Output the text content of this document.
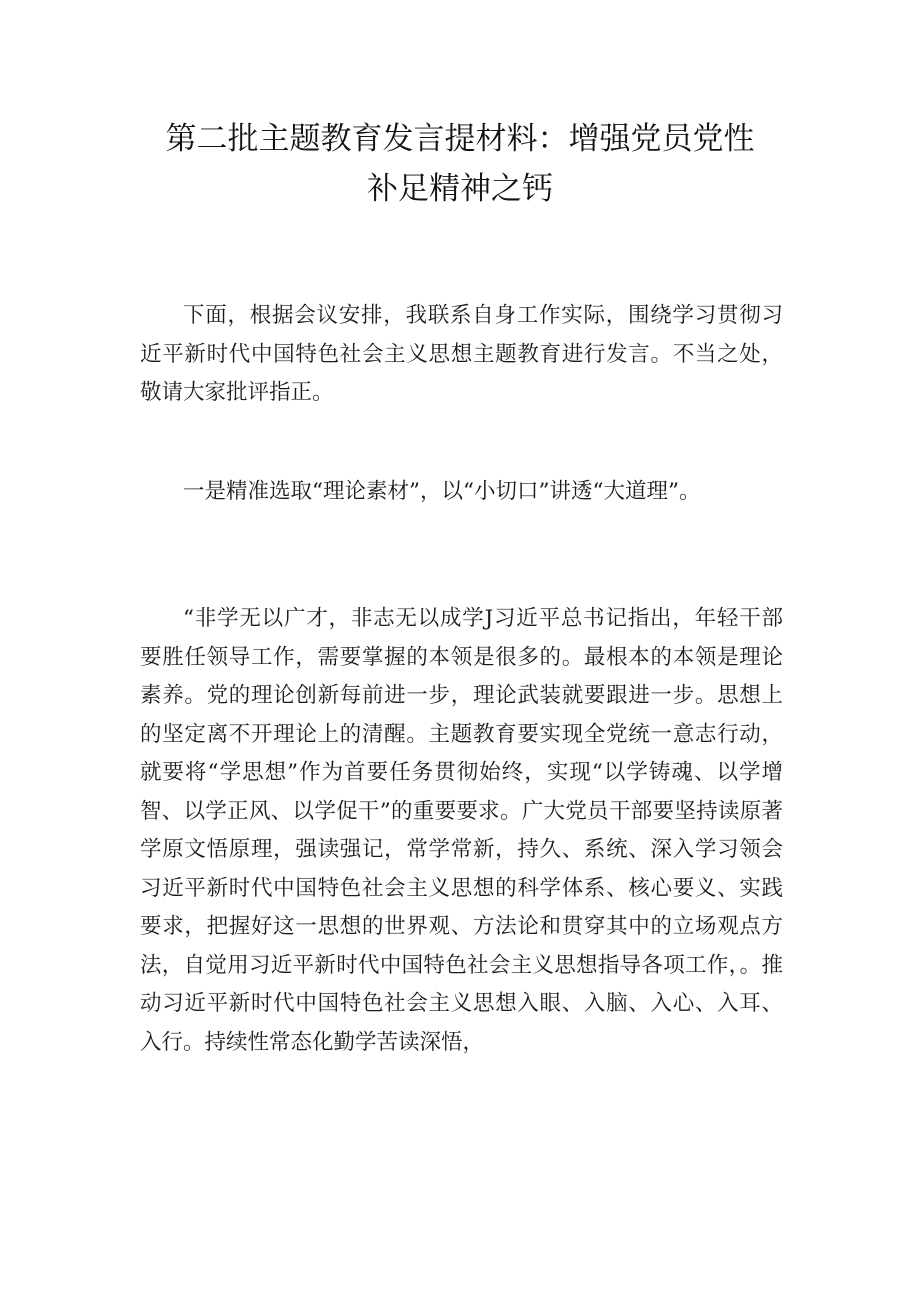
第二批主题教育发言提材料：增强党员党性
补足精神之钙

下面，根据会议安排，我联系自身工作实际，围绕学习贯彻习近平新时代中国特色社会主义思想主题教育进行发言。不当之处，敬请大家批评指正。

一是精准选取“理论素材”，以“小切口”讲透“大道理”。

“非学无以广才，非志无以成学J习近平总书记指出，年轻干部要胜任领导工作，需要掌握的本领是很多的。最根本的本领是理论素养。党的理论创新每前进一步，理论武装就要跟进一步。思想上的坚定离不开理论上的清醒。主题教育要实现全党统一意志行动，就要将“学思想”作为首要任务贯彻始终，实现“以学铸魂、以学增智、以学正风、以学促干”的重要要求。广大党员干部要坚持读原著学原文悟原理，强读强记，常学常新，持久、系统、深入学习领会习近平新时代中国特色社会主义思想的科学体系、核心要义、实践要求，把握好这一思想的世界观、方法论和贯穿其中的立场观点方法，自觉用习近平新时代中国特色社会主义思想指导各项工作，。推动习近平新时代中国特色社会主义思想入眼、入脑、入心、入耳、入行。持续性常态化勤学苦读深悟，
